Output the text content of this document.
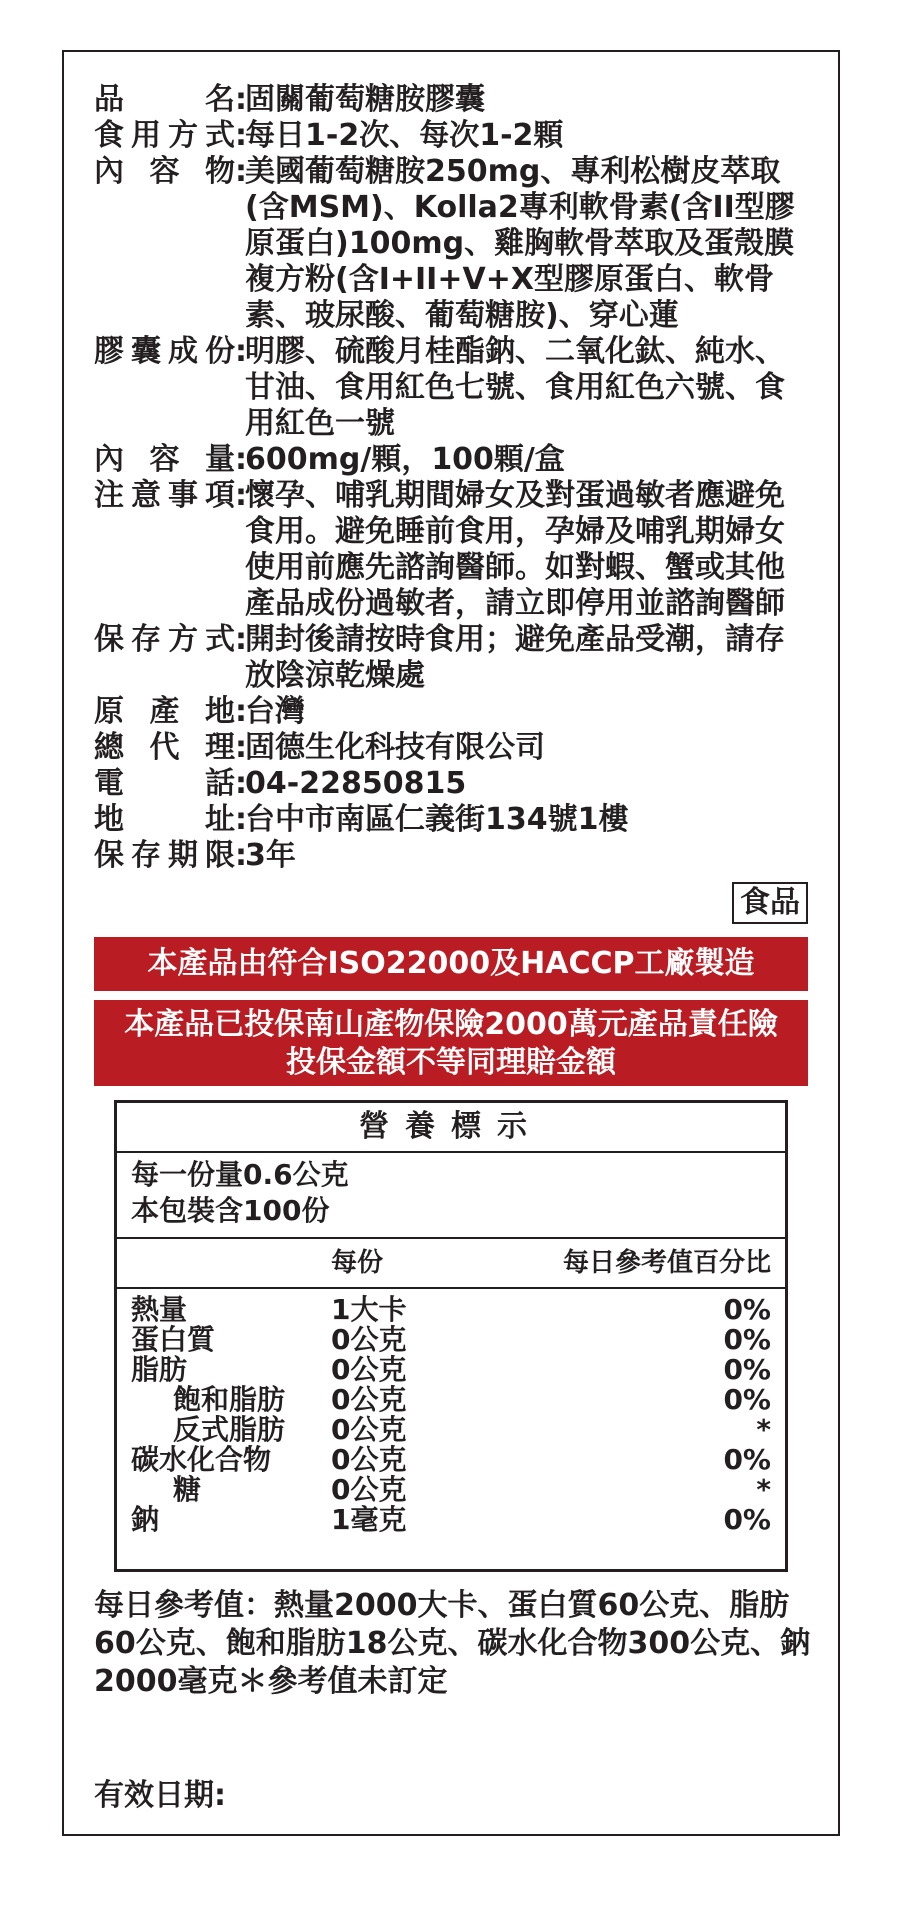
品	名 :
固關葡萄糖胺膠囊
食 用 方 式 :
每日1-2次、每次1-2顆
內 容 物 :
美國葡萄糖胺250mg、專利松樹皮萃取(含MSM)、Kolla2專利軟骨素(含II型膠原蛋白)100mg、雞胸軟骨萃取及蛋殼膜複方粉(含I+II+V+X型膠原蛋白、軟骨素、玻尿酸、葡萄糖胺)、穿心蓮
膠 囊 成 份 :
明膠、硫酸月桂酯鈉、二氧化鈦、純水、甘油、食用紅色七號、食用紅色六號、食用紅色一號
內 容 量 :
600mg/顆，100顆/盒
注 意 事 項 :
懷孕、哺乳期間婦女及對蛋過敏者應避免食用。避免睡前食用，孕婦及哺乳期婦女使用前應先諮詢醫師。如對蝦、蟹或其他產品成份過敏者，請立即停用並諮詢醫師
保 存 方 式 :
開封後請按時食用；避免產品受潮，請存放陰涼乾燥處
原 產 地 :
台灣
總 代 理 :
固德生化科技有限公司
電	話 :
04-22850815
地	址 :
台中市南區仁義街134號1樓
保 存 期 限 :
3年
食品
本產品由符合ISO22000及HACCP工廠製造
本產品已投保南山產物保險2000萬元產品責任險
投保金額不等同理賠金額
營養標示
每一份量0.6公克
本包裝含100份
每份	每日參考值百分比
熱量	1大卡	0%
蛋白質	0公克	0%
脂肪	0公克	0%
飽和脂肪	0公克	0%
反式脂肪	0公克	*
碳水化合物	0公克	0%
糖	0公克	*
鈉	1毫克	0%
每日參考值：熱量2000大卡、蛋白質60公克、脂肪60公克、飽和脂肪18公克、碳水化合物300公克、鈉2000毫克＊參考值未訂定
有效日期:
